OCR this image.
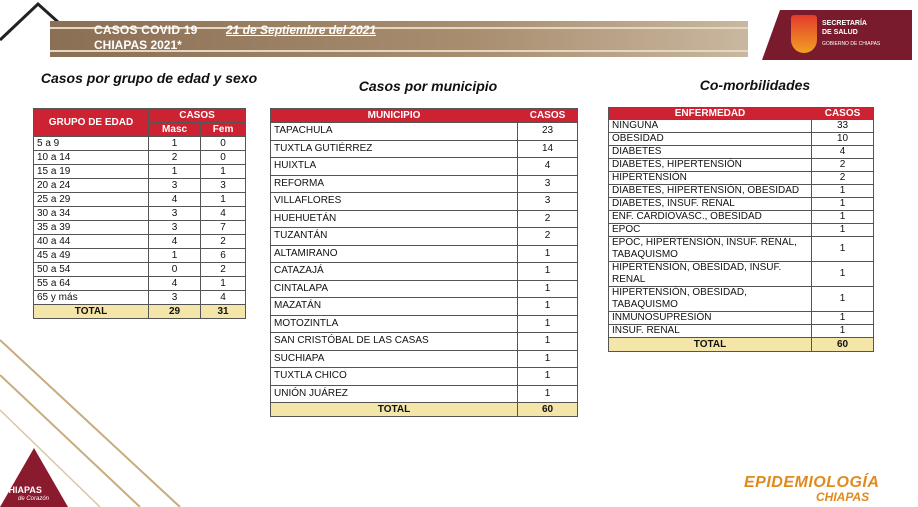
CASOS COVID 19 21 de Septiembre del 2021
CHIAPAS 2021*
SECRETARÍA
DE SALUD
GOBIERNO DE CHIAPAS
Casos por grupo de edad y sexo	Casos por municipio	Co-morbilidades
GRUPO DE EDAD	CASOS	
	Masc	Fem
5 a 9	1	0
10 a 14	2	0
15 a 19	1	1
20 a 24	3	3
25 a 29	4	1
30 a 34	3	4
35 a 39	3	7
40 a 44	4	2
45 a 49	1	6
50 a 54	0	2
55 a 64	4	1
65 y más	3	4
TOTAL	29	31
MUNICIPIO	CASOS
TAPACHULA	23
TUXTLA GUTIÉRREZ	14
HUIXTLA	4
REFORMA	3
VILLAFLORES	3
HUEHUETÁN	2
TUZANTÁN	2
ALTAMIRANO	1
CATAZAJÁ	1
CINTALAPA	1
MAZATÁN	1
MOTOZINTLA	1
SAN CRISTÓBAL DE LAS CASAS	1
SUCHIAPA	1
TUXTLA CHICO	1
UNIÓN JUÁREZ	1
TOTAL	60
ENFERMEDAD	CASOS
NINGUNA	33
OBESIDAD	10
DIABETES	4
DIABETES, HIPERTENSIÓN	2
HIPERTENSIÓN	2
DIABETES, HIPERTENSIÓN, OBESIDAD	1
DIABETES, INSUF. RENAL	1
ENF. CARDIOVASC., OBESIDAD	1
EPOC	1
EPOC, HIPERTENSIÓN, INSUF. RENAL, TABAQUISMO	1
HIPERTENSIÓN, OBESIDAD, INSUF. RENAL	1
HIPERTENSIÓN, OBESIDAD, TABAQUISMO	1
INMUNOSUPRESIÓN	1
INSUF. RENAL	1
TOTAL	60
CHIAPAS
de Corazón
EPIDEMIOLOGÍA
CHIAPAS
